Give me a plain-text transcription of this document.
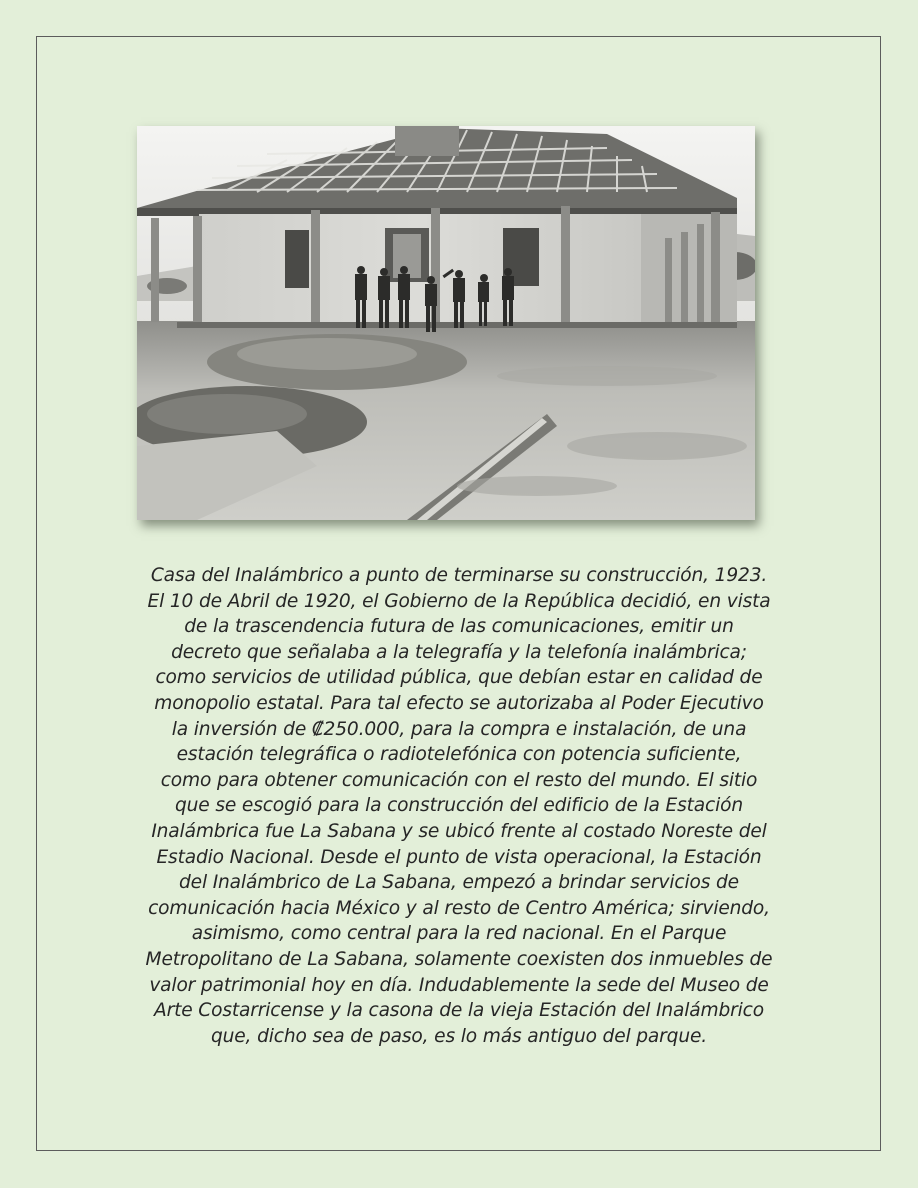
Casa del Inalámbrico a punto de terminarse su construcción, 1923.

El 10 de Abril de 1920, el Gobierno de la República decidió, en vista

de la trascendencia futura de las comunicaciones, emitir un

decreto que señalaba a la telegrafía y la telefonía inalámbrica;

como servicios de utilidad pública, que debían estar en calidad de

monopolio estatal. Para tal efecto se autorizaba al Poder Ejecutivo

la inversión de ₡250.000, para la compra e instalación, de una

estación telegráfica o radiotelefónica con potencia suficiente,

como para obtener comunicación con el resto del mundo. El sitio

que se escogió para la construcción del edificio de la Estación

Inalámbrica fue La Sabana y se ubicó frente al costado Noreste del

Estadio Nacional. Desde el punto de vista operacional, la Estación

del Inalámbrico de La Sabana, empezó a brindar servicios de

comunicación hacia México y al resto de Centro América; sirviendo,

asimismo, como central para la red nacional. En el Parque

Metropolitano de La Sabana, solamente coexisten dos inmuebles de

valor patrimonial hoy en día. Indudablemente la sede del Museo de

Arte Costarricense y la casona de la vieja Estación del Inalámbrico

que, dicho sea de paso, es lo más antiguo del parque.
